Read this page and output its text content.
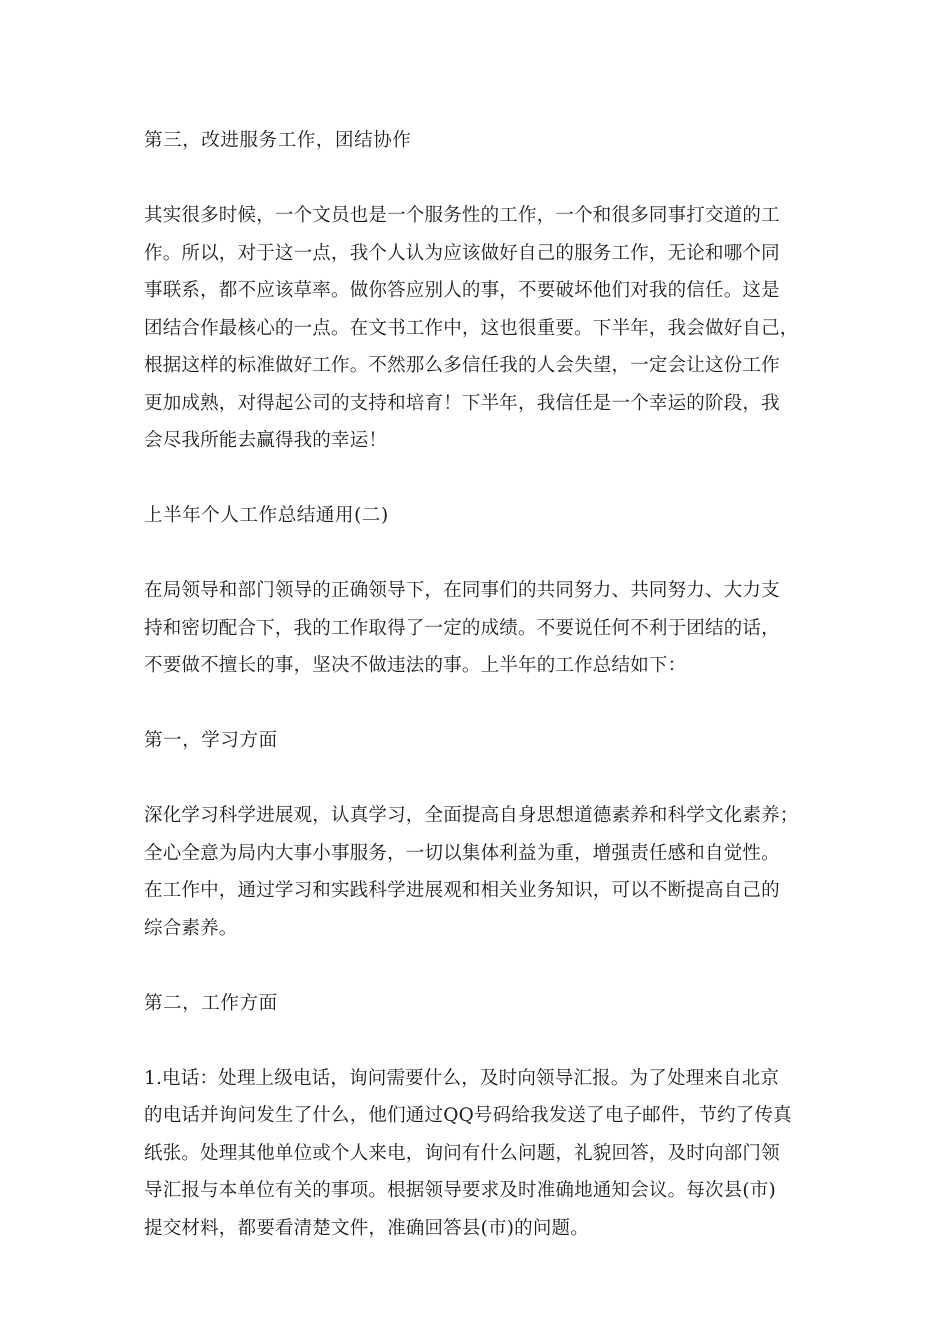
第三，改进服务工作，团结协作
其实很多时候，一个文员也是一个服务性的工作，一个和很多同事打交道的工
作。所以，对于这一点，我个人认为应该做好自己的服务工作，无论和哪个同
事联系，都不应该草率。做你答应别人的事，不要破坏他们对我的信任。这是
团结合作最核心的一点。在文书工作中，这也很重要。下半年，我会做好自己，
根据这样的标准做好工作。不然那么多信任我的人会失望，一定会让这份工作
更加成熟，对得起公司的支持和培育！下半年，我信任是一个幸运的阶段，我
会尽我所能去赢得我的幸运！
上半年个人工作总结通用(二)
在局领导和部门领导的正确领导下，在同事们的共同努力、共同努力、大力支
持和密切配合下，我的工作取得了一定的成绩。不要说任何不利于团结的话，
不要做不擅长的事，坚决不做违法的事。上半年的工作总结如下：
第一，学习方面
深化学习科学进展观，认真学习，全面提高自身思想道德素养和科学文化素养；
全心全意为局内大事小事服务，一切以集体利益为重，增强责任感和自觉性。
在工作中，通过学习和实践科学进展观和相关业务知识，可以不断提高自己的
综合素养。
第二，工作方面
1.电话：处理上级电话，询问需要什么，及时向领导汇报。为了处理来自北京
的电话并询问发生了什么，他们通过QQ号码给我发送了电子邮件，节约了传真
纸张。处理其他单位或个人来电，询问有什么问题，礼貌回答，及时向部门领
导汇报与本单位有关的事项。根据领导要求及时准确地通知会议。每次县(市)
提交材料，都要看清楚文件，准确回答县(市)的问题。
